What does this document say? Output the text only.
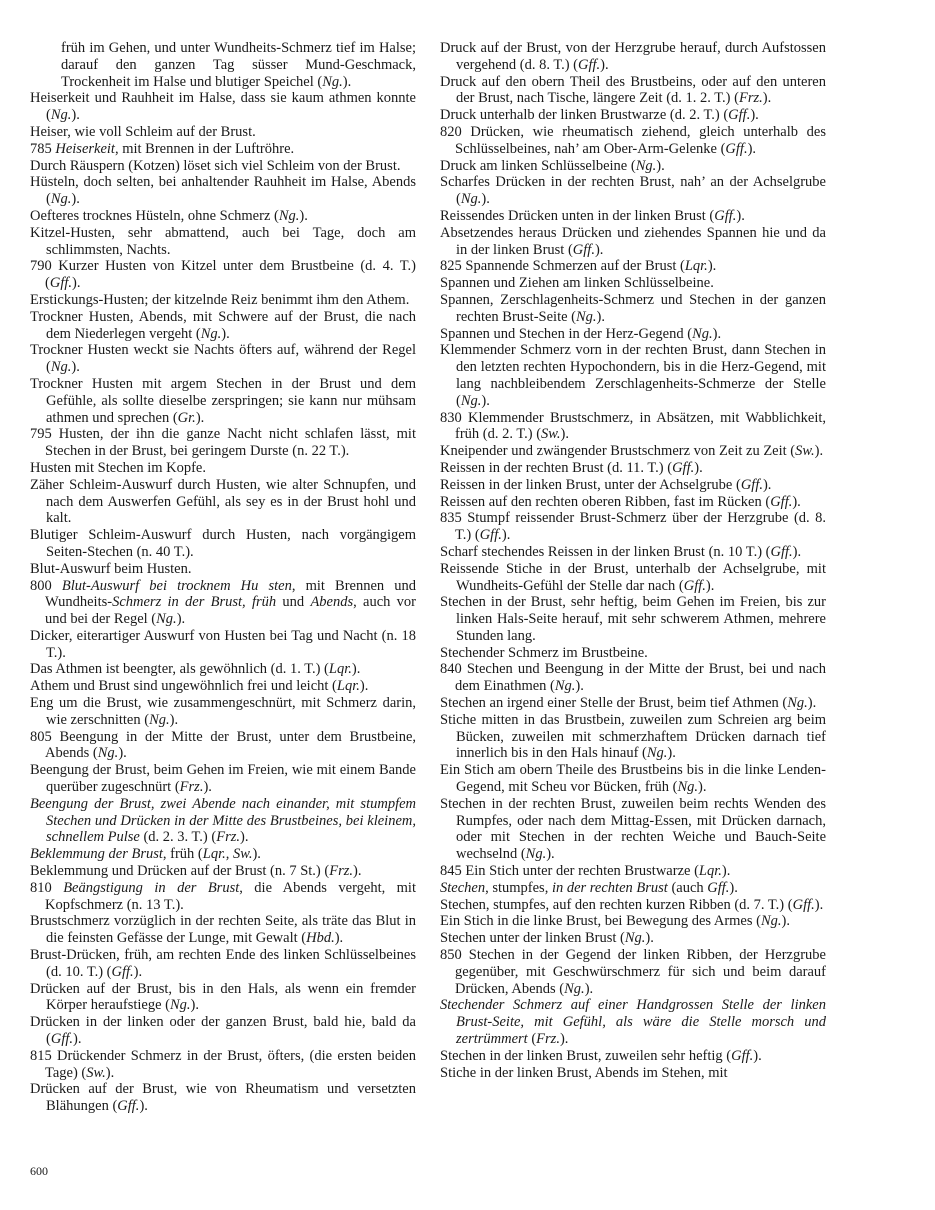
früh im Gehen, und unter Wundheits-Schmerz tief im Halse; darauf den ganzen Tag süsser Mund-Geschmack, Trockenheit im Halse und blutiger Speichel (Ng.).

Heiserkeit und Rauhheit im Halse, dass sie kaum athmen konnte (Ng.).

Heiser, wie voll Schleim auf der Brust.

785 Heiserkeit, mit Brennen in der Luftröhre.

Durch Räuspern (Kotzen) löset sich viel Schleim von der Brust.

Hüsteln, doch selten, bei anhaltender Rauhheit im Halse, Abends (Ng.).

Oefteres trocknes Hüsteln, ohne Schmerz (Ng.).

Kitzel-Husten, sehr abmattend, auch bei Tage, doch am schlimmsten, Nachts.

790 Kurzer Husten von Kitzel unter dem Brustbeine (d. 4. T.) (Gff.).

Erstickungs-Husten; der kitzelnde Reiz benimmt ihm den Athem.

Trockner Husten, Abends, mit Schwere auf der Brust, die nach dem Niederlegen vergeht (Ng.).

Trockner Husten weckt sie Nachts öfters auf, während der Regel (Ng.).

Trockner Husten mit argem Stechen in der Brust und dem Gefühle, als sollte dieselbe zerspringen; sie kann nur mühsam athmen und sprechen (Gr.).

795 Husten, der ihn die ganze Nacht nicht schlafen lässt, mit Stechen in der Brust, bei geringem Durste (n. 22 T.).

Husten mit Stechen im Kopfe.

Zäher Schleim-Auswurf durch Husten, wie alter Schnupfen, und nach dem Auswerfen Gefühl, als sey es in der Brust hohl und kalt.

Blutiger Schleim-Auswurf durch Husten, nach vorgängigem Seiten-Stechen (n. 40 T.).

Blut-Auswurf beim Husten.

800 Blut-Auswurf bei trocknem Hu sten, mit Brennen und Wundheits-Schmerz in der Brust, früh und Abends, auch vor und bei der Regel (Ng.).

Dicker, eiterartiger Auswurf von Husten bei Tag und Nacht (n. 18 T.).

Das Athmen ist beengter, als gewöhnlich (d. 1. T.) (Lqr.).

Athem und Brust sind ungewöhnlich frei und leicht (Lqr.).

Eng um die Brust, wie zusammengeschnürt, mit Schmerz darin, wie zerschnitten (Ng.).

805 Beengung in der Mitte der Brust, unter dem Brustbeine, Abends (Ng.).

Beengung der Brust, beim Gehen im Freien, wie mit einem Bande querüber zugeschnürt (Frz.).

Beengung der Brust, zwei Abende nach einander, mit stumpfem Stechen und Drücken in der Mitte des Brustbeines, bei kleinem, schnellem Pulse (d. 2. 3. T.) (Frz.).

Beklemmung der Brust, früh (Lqr., Sw.).

Beklemmung und Drücken auf der Brust (n. 7 St.) (Frz.).

810 Beängstigung in der Brust, die Abends vergeht, mit Kopfschmerz (n. 13 T.).

Brustschmerz vorzüglich in der rechten Seite, als träte das Blut in die feinsten Gefässe der Lunge, mit Gewalt (Hbd.).

Brust-Drücken, früh, am rechten Ende des linken Schlüsselbeines (d. 10. T.) (Gff.).

Drücken auf der Brust, bis in den Hals, als wenn ein fremder Körper heraufstiege (Ng.).

Drücken in der linken oder der ganzen Brust, bald hie, bald da (Gff.).

815 Drückender Schmerz in der Brust, öfters, (die ersten beiden Tage) (Sw.).

Drücken auf der Brust, wie von Rheumatism und versetzten Blähungen (Gff.).

Druck auf der Brust, von der Herzgrube herauf, durch Aufstossen vergehend (d. 8. T.) (Gff.).

Druck auf den obern Theil des Brustbeins, oder auf den unteren der Brust, nach Tische, längere Zeit (d. 1. 2. T.) (Frz.).

Druck unterhalb der linken Brustwarze (d. 2. T.) (Gff.).

820 Drücken, wie rheumatisch ziehend, gleich unterhalb des Schlüsselbeines, nah’ am Ober-Arm-Gelenke (Gff.).

Druck am linken Schlüsselbeine (Ng.).

Scharfes Drücken in der rechten Brust, nah’ an der Achselgrube (Ng.).

Reissendes Drücken unten in der linken Brust (Gff.).

Absetzendes heraus Drücken und ziehendes Spannen hie und da in der linken Brust (Gff.).

825 Spannende Schmerzen auf der Brust (Lqr.).

Spannen und Ziehen am linken Schlüsselbeine.

Spannen, Zerschlagenheits-Schmerz und Stechen in der ganzen rechten Brust-Seite (Ng.).

Spannen und Stechen in der Herz-Gegend (Ng.).

Klemmender Schmerz vorn in der rechten Brust, dann Stechen in den letzten rechten Hypochondern, bis in die Herz-Gegend, mit lang nachbleibendem Zerschlagenheits-Schmerze der Stelle (Ng.).

830 Klemmender Brustschmerz, in Absätzen, mit Wabblichkeit, früh (d. 2. T.) (Sw.).

Kneipender und zwängender Brustschmerz von Zeit zu Zeit (Sw.).

Reissen in der rechten Brust (d. 11. T.) (Gff.).

Reissen in der linken Brust, unter der Achselgrube (Gff.).

Reissen auf den rechten oberen Ribben, fast im Rücken (Gff.).

835 Stumpf reissender Brust-Schmerz über der Herzgrube (d. 8. T.) (Gff.).

Scharf stechendes Reissen in der linken Brust (n. 10 T.) (Gff.).

Reissende Stiche in der Brust, unterhalb der Achselgrube, mit Wundheits-Gefühl der Stelle dar nach (Gff.).

Stechen in der Brust, sehr heftig, beim Gehen im Freien, bis zur linken Hals-Seite herauf, mit sehr schwerem Athmen, mehrere Stunden lang.

Stechender Schmerz im Brustbeine.

840 Stechen und Beengung in der Mitte der Brust, bei und nach dem Einathmen (Ng.).

Stechen an irgend einer Stelle der Brust, beim tief Athmen (Ng.).

Stiche mitten in das Brustbein, zuweilen zum Schreien arg beim Bücken, zuweilen mit schmerzhaftem Drücken darnach tief innerlich bis in den Hals hinauf (Ng.).

Ein Stich am obern Theile des Brustbeins bis in die linke Lenden-Gegend, mit Scheu vor Bücken, früh (Ng.).

Stechen in der rechten Brust, zuweilen beim rechts Wenden des Rumpfes, oder nach dem Mittag-Essen, mit Drücken darnach, oder mit Stechen in der rechten Weiche und Bauch-Seite wechselnd (Ng.).

845 Ein Stich unter der rechten Brustwarze (Lqr.).

Stechen, stumpfes, in der rechten Brust (auch Gff.).

Stechen, stumpfes, auf den rechten kurzen Ribben (d. 7. T.) (Gff.).

Ein Stich in die linke Brust, bei Bewegung des Armes (Ng.).

Stechen unter der linken Brust (Ng.).

850 Stechen in der Gegend der linken Ribben, der Herzgrube gegenüber, mit Geschwürschmerz für sich und beim darauf Drücken, Abends (Ng.).

Stechender Schmerz auf einer Handgrossen Stelle der linken Brust-Seite, mit Gefühl, als wäre die Stelle morsch und zertrümmert (Frz.).

Stechen in der linken Brust, zuweilen sehr heftig (Gff.).

Stiche in der linken Brust, Abends im Stehen, mit

600
